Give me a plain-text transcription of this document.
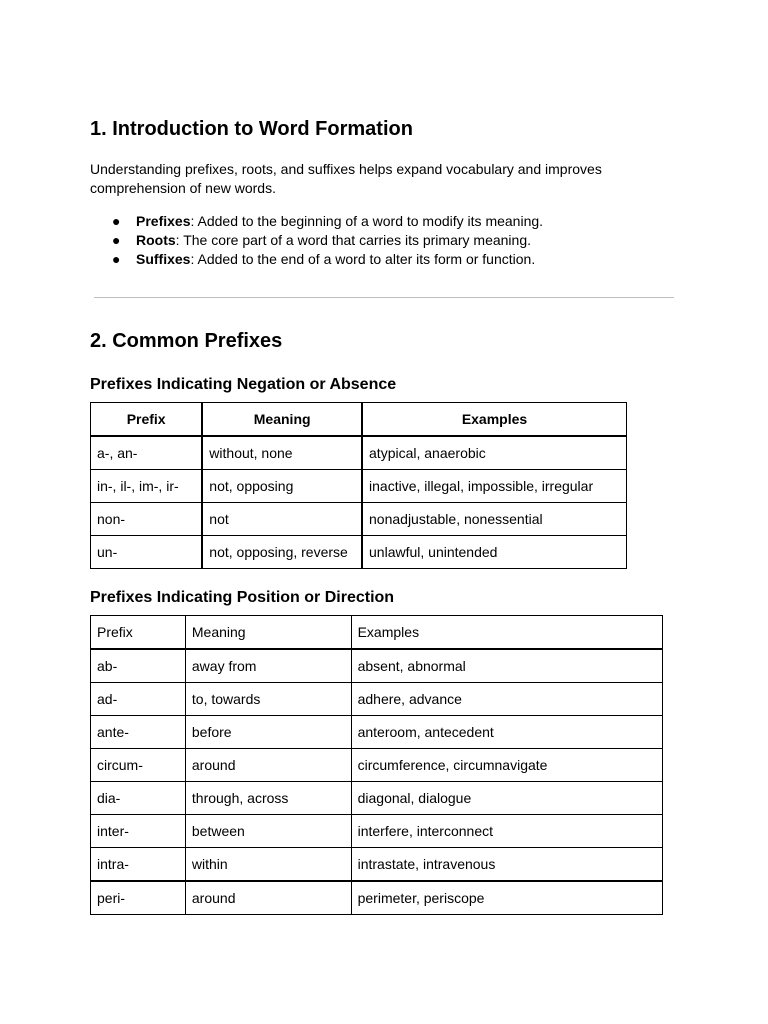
1. Introduction to Word Formation

Understanding prefixes, roots, and suffixes helps expand vocabulary and improves comprehension of new words.

● Prefixes: Added to the beginning of a word to modify its meaning.
● Roots: The core part of a word that carries its primary meaning.
● Suffixes: Added to the end of a word to alter its form or function.
2. Common Prefixes
Prefixes Indicating Negation or Absence
Prefix	Meaning	Examples
a-, an-	without, none	atypical, anaerobic
in-, il-, im-, ir-	not, opposing	inactive, illegal, impossible, irregular
non-	not	nonadjustable, nonessential
un-	not, opposing, reverse	unlawful, unintended
Prefixes Indicating Position or Direction
Prefix	Meaning	Examples
ab-	away from	absent, abnormal
ad-	to, towards	adhere, advance
ante-	before	anteroom, antecedent
circum-	around	circumference, circumnavigate
dia-	through, across	diagonal, dialogue
inter-	between	interfere, interconnect
intra-	within	intrastate, intravenous
peri-	around	perimeter, periscope
